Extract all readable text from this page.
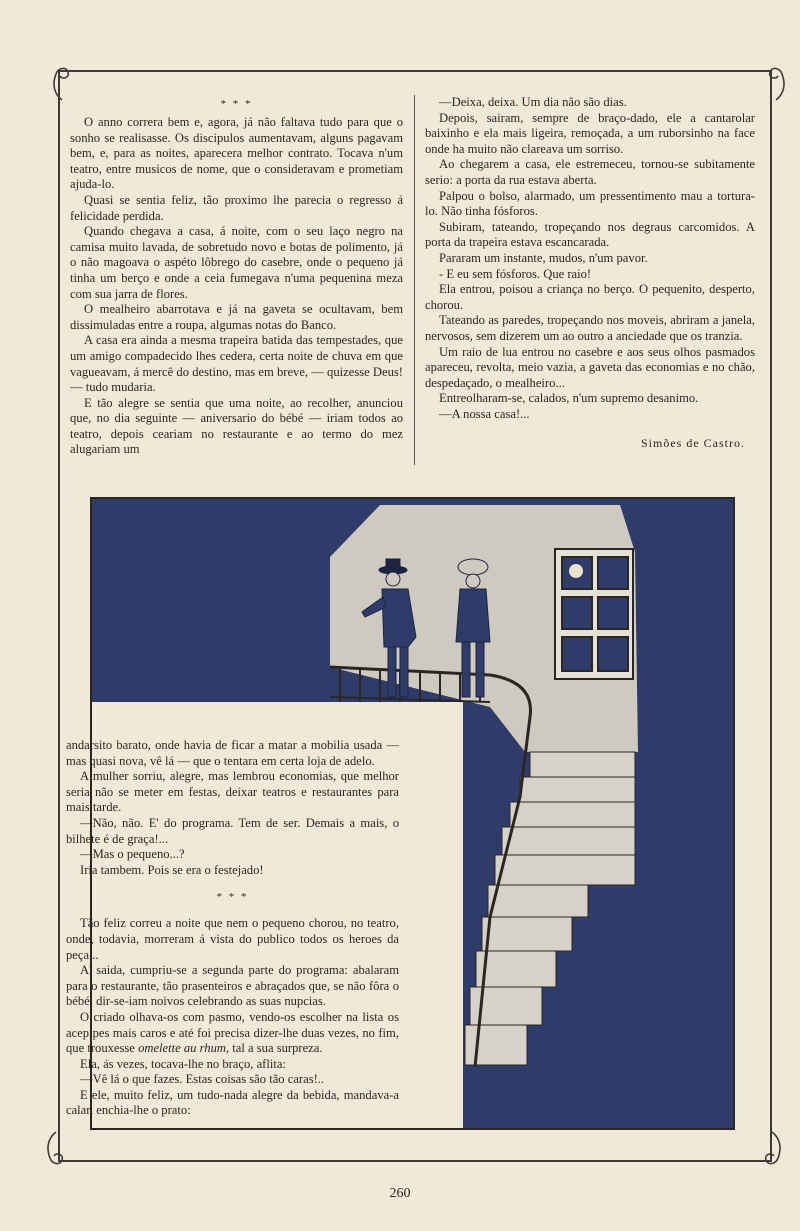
* * *

O anno correra bem e, agora, já não faltava tudo para que o sonho se realisasse. Os discipulos aumentavam, alguns pagavam bem, e, para as noites, aparecera melhor contrato. Tocava n'um teatro, entre musicos de nome, que o consideravam e prometiam ajuda-lo.

Quasi se sentia feliz, tão proximo lhe parecia o regresso á felicidade perdida.

Quando chegava a casa, á noite, com o seu laço negro na camisa muito lavada, de sobretudo novo e botas de polimento, já o não magoava o aspéto lôbrego do casebre, onde o pequeno já tinha um berço e onde a ceia fumegava n'uma pequenina meza com sua jarra de flores.

O mealheiro abarrotava e já na gaveta se ocultavam, bem dissimuladas entre a roupa, algumas notas do Banco.

A casa era ainda a mesma trapeira batida das tempestades, que um amigo compadecido lhes cedera, certa noite de chuva em que vagueavam, á mercê do destino, mas em breve, — quizesse Deus! — tudo mudaria.

E tão alegre se sentia que uma noite, ao recolher, anunciou que, no dia seguinte — aniversario do bébé — iriam todos ao teatro, depois ceariam no restaurante e ao termo do mez alugariam um

—Deixa, deixa. Um dia não são dias.

Depois, sairam, sempre de braço-dado, ele a cantarolar baixinho e ela mais ligeira, remoçada, a um ruborsinho na face onde ha muito não clareava um sorriso.

Ao chegarem a casa, ele estremeceu, tornou-se subitamente serio: a porta da rua estava aberta.

Palpou o bolso, alarmado, um pressentimento mau a tortura-lo. Não tinha fósforos.

Subiram, tateando, tropeçando nos degraus carcomidos. A porta da trapeira estava escancarada.

Pararam um instante, mudos, n'um pavor.

- E eu sem fósforos. Que raio!

Ela entrou, poisou a criança no berço. O pequenito, desperto, chorou.

Tateando as paredes, tropeçando nos moveis, abriram a janela, nervosos, sem dizerem um ao outro a anciedade que os tranzia.

Um raio de lua entrou no casebre e aos seus olhos pasmados apareceu, revolta, meio vazia, a gaveta das economias e no chão, despedaçado, o mealheiro...

Entreolharam-se, calados, n'um supremo desanimo.

—A nossa casa!...

Simões de Castro.

andarsito barato, onde havia de ficar a matar a mobilia usada — mas quasi nova, vê lá — que o tentara em certa loja de adelo.

A mulher sorriu, alegre, mas lembrou economias, que melhor seria não se meter em festas, deixar teatros e restaurantes para mais tarde.

—Não, não. E' do programa. Tem de ser. Demais a mais, o bilhete é de graça!...

—Mas o pequeno...?

Iria tambem. Pois se era o festejado!

* * *

Tão feliz correu a noite que nem o pequeno chorou, no teatro, onde, todavia, morreram á vista do publico todos os heroes da peça...

A' saida, cumpriu-se a segunda parte do programa: abalaram para o restaurante, tão prasenteiros e abraçados que, se não fôra o bébé, dir-se-iam noivos celebrando as suas nupcias.

O criado olhava-os com pasmo, vendo-os escolher na lista os acepipes mais caros e até foi precisa dizer-lhe duas vezes, no fim, que trouxesse omelette au rhum, tal a sua surpreza.

Ela, ás vezes, tocava-lhe no braço, aflita:

—Vê lá o que fazes. Estas coisas são tão caras!..

E ele, muito feliz, um tudo-nada alegre da bebida, mandava-a calar, enchia-lhe o prato:

260
